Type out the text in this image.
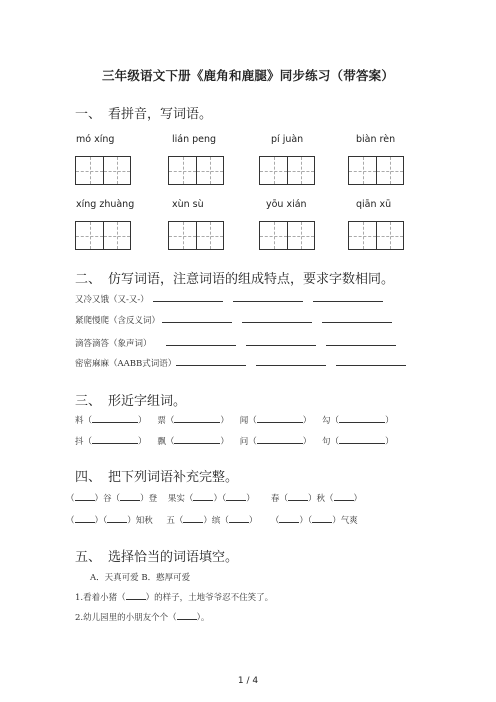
三年级语文下册《鹿角和鹿腿》同步练习（带答案）
一、 看拼音，写词语。
mó xíng	lián peng	pí juàn	biàn rèn
xíng zhuàng	xùn sù	yōu xián	qiān xū
二、 仿写词语，注意词语的组成特点，要求字数相同。
又冷又饿（又-又-）
紧爬慢爬（含反义词）
滴答滴答（象声词）
密密麻麻（AABB式词语）
三、 形近字组词。
料（	）    票（	）    闻（	）    勾（	）
抖（	）    飘（	）    问（	）    句（	）
四、 把下列词语补充完整。
（ ）谷（ ）登 果实（ ）（ ）      春（ ）秋（ ）
（ ）（ ）知秋 五（ ）缤（ ）     （ ）（ ）气爽
五、 选择恰当的词语填空。
A．天真可爱 B．憨厚可爱
1.看着小猪（ ）的样子，土地爷爷忍不住笑了。
2.幼儿园里的小朋友个个（ ）。
1 / 4
